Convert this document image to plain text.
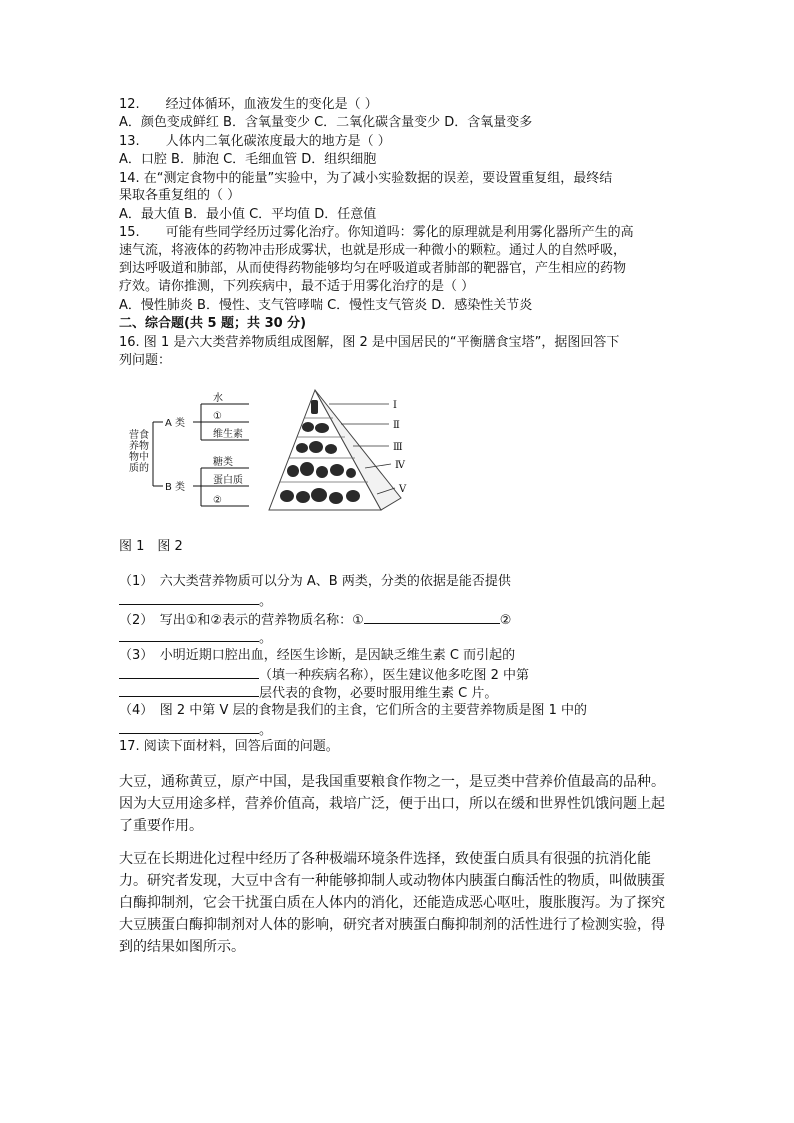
12.　　经过体循环，血液发生的变化是（ ）
A．颜色变成鲜红 B．含氧量变少 C．二氧化碳含量变少 D．含氧量变多
13.　　人体内二氧化碳浓度最大的地方是（ ）
A．口腔 B．肺泡 C．毛细血管 D．组织细胞
14. 在“测定食物中的能量”实验中，为了减小实验数据的误差，要设置重复组，最终结
果取各重复组的（ ）
A．最大值 B．最小值 C．平均值 D．任意值
15.　　可能有些同学经历过雾化治疗。你知道吗：雾化的原理就是利用雾化器所产生的高
速气流，将液体的药物冲击形成雾状，也就是形成一种微小的颗粒。通过人的自然呼吸，
到达呼吸道和肺部，从而使得药物能够均匀在呼吸道或者肺部的靶器官，产生相应的药物
疗效。请你推测，下列疾病中，最不适于用雾化治疗的是（ ）
A．慢性肺炎 B．慢性、支气管哮喘 C．慢性支气管炎 D．感染性关节炎
二、综合题(共 5 题；共 30 分)
16. 图 1 是六大类营养物质组成图解，图 2 是中国居民的“平衡膳食宝塔”，据图回答下
列问题：
营食
养物
物中
质的
A 类
B 类
水
①
维生素
糖类
蛋白质
②
Ⅰ
Ⅱ
Ⅲ
Ⅳ
Ⅴ
图 1　图 2
（1）　六大类营养物质可以分为 A、B 两类，分类的依据是能否提供
。
（2）　写出①和②表示的营养物质名称：①	②
。
（3）　小明近期口腔出血，经医生诊断，是因缺乏维生素 C 而引起的
（填一种疾病名称），医生建议他多吃图 2 中第
层代表的食物，必要时服用维生素 C 片。
（4）　图 2 中第 V 层的食物是我们的主食，它们所含的主要营养物质是图 1 中的
。
17. 阅读下面材料，回答后面的问题。
大豆，通称黄豆，原产中国，是我国重要粮食作物之一，是豆类中营养价值最高的品种。
因为大豆用途多样，营养价值高，栽培广泛，便于出口，所以在缓和世界性饥饿问题上起
了重要作用。
大豆在长期进化过程中经历了各种极端环境条件选择，致使蛋白质具有很强的抗消化能
力。研究者发现，大豆中含有一种能够抑制人或动物体内胰蛋白酶活性的物质，叫做胰蛋
白酶抑制剂，它会干扰蛋白质在人体内的消化，还能造成恶心呕吐，腹胀腹泻。为了探究
大豆胰蛋白酶抑制剂对人体的影响，研究者对胰蛋白酶抑制剂的活性进行了检测实验，得
到的结果如图所示。
